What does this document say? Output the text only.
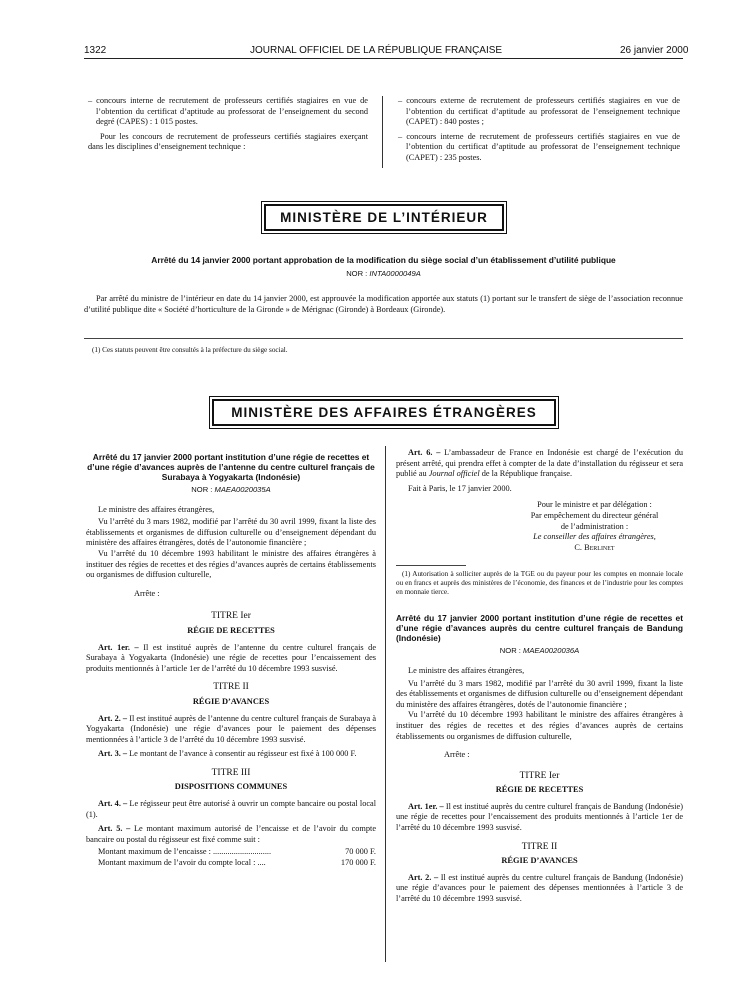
1322	JOURNAL OFFICIEL DE LA RÉPUBLIQUE FRANÇAISE	26 janvier 2000

– concours interne de recrutement de professeurs certifiés stagiaires en vue de l’obtention du certificat d’aptitude au professorat de l’enseignement du second degré (CAPES) : 1 015 postes.

Pour les concours de recrutement de professeurs certifiés stagiaires exerçant dans les disciplines d’enseignement technique :

– concours externe de recrutement de professeurs certifiés stagiaires en vue de l’obtention du certificat d’aptitude au professorat de l’enseignement technique (CAPET) : 840 postes ;

– concours interne de recrutement de professeurs certifiés stagiaires en vue de l’obtention du certificat d’aptitude au professorat de l’enseignement technique (CAPET) : 235 postes.

MINISTÈRE DE L’INTÉRIEUR
Arrêté du 14 janvier 2000 portant approbation de la modification du siège social d’un établissement d’utilité publique
NOR : INTA0000049A
Par arrêté du ministre de l’intérieur en date du 14 janvier 2000, est approuvée la modification apportée aux statuts (1) portant sur le transfert de siège de l’association reconnue d’utilité publique dite « Société d’horticulture de la Gironde » de Mérignac (Gironde) à Bordeaux (Gironde).
(1) Ces statuts peuvent être consultés à la préfecture du siège social.
MINISTÈRE DES AFFAIRES ÉTRANGÈRES
Arrêté du 17 janvier 2000 portant institution d’une régie de recettes et d’une régie d’avances auprès de l’antenne du centre culturel français de Surabaya à Yogyakarta (Indonésie)
NOR : MAEA0020035A

Le ministre des affaires étrangères,

Vu l’arrêté du 3 mars 1982, modifié par l’arrêté du 30 avril 1999, fixant la liste des établissements et organismes de diffusion culturelle ou d’enseignement dépendant du ministère des affaires étrangères, dotés de l’autonomie financière ;

Vu l’arrêté du 10 décembre 1993 habilitant le ministre des affaires étrangères à instituer des régies de recettes et des régies d’avances auprès de certains établissements ou organismes de diffusion culturelle,

Arrête :

TITRE Ier
RÉGIE DE RECETTES

Art. 1er. – Il est institué auprès de l’antenne du centre culturel français de Surabaya à Yogyakarta (Indonésie) une régie de recettes pour l’encaissement des produits mentionnés à l’article 1er de l’arrêté du 10 décembre 1993 susvisé.

TITRE II
RÉGIE D’AVANCES

Art. 2. – Il est institué auprès de l’antenne du centre culturel français de Surabaya à Yogyakarta (Indonésie) une régie d’avances pour le paiement des dépenses mentionnées à l’article 3 de l’arrêté du 10 décembre 1993 susvisé.

Art. 3. – Le montant de l’avance à consentir au régisseur est fixé à 100 000 F.

TITRE III
DISPOSITIONS COMMUNES

Art. 4. – Le régisseur peut être autorisé à ouvrir un compte bancaire ou postal local (1).

Art. 5. – Le montant maximum autorisé de l’encaisse et de l’avoir du compte bancaire ou postal du régisseur est fixé comme suit :

Montant maximum de l’encaisse : ............................	70 000 F.
Montant maximum de l’avoir du compte local : ....	170 000 F.

Art. 6. – L’ambassadeur de France en Indonésie est chargé de l’exécution du présent arrêté, qui prendra effet à compter de la date d’installation du régisseur et sera publié au Journal officiel de la République française.

Fait à Paris, le 17 janvier 2000.

Pour le ministre et par délégation :
Par empêchement du directeur général
de l’administration :
Le conseiller des affaires étrangères,
C. Berlinet

(1) Autorisation à solliciter auprès de la TGE ou du payeur pour les comptes en monnaie locale ou en francs et auprès des ministères de l’économie, des finances et de l’industrie pour les comptes en monnaie tierce.

Arrêté du 17 janvier 2000 portant institution d’une régie de recettes et d’une régie d’avances auprès du centre culturel français de Bandung (Indonésie)
NOR : MAEA0020036A

Le ministre des affaires étrangères,

Vu l’arrêté du 3 mars 1982, modifié par l’arrêté du 30 avril 1999, fixant la liste des établissements et organismes de diffusion culturelle ou d’enseignement dépendant du ministère des affaires étrangères, dotés de l’autonomie financière ;

Vu l’arrêté du 10 décembre 1993 habilitant le ministre des affaires étrangères à instituer des régies de recettes et des régies d’avances auprès de certains établissements ou organismes de diffusion culturelle,

Arrête :

TITRE Ier
RÉGIE DE RECETTES

Art. 1er. – Il est institué auprès du centre culturel français de Bandung (Indonésie) une régie de recettes pour l’encaissement des produits mentionnés à l’article 1er de l’arrêté du 10 décembre 1993 susvisé.

TITRE II
RÉGIE D’AVANCES

Art. 2. – Il est institué auprès du centre culturel français de Bandung (Indonésie) une régie d’avances pour le paiement des dépenses mentionnées à l’article 3 de l’arrêté du 10 décembre 1993 susvisé.
